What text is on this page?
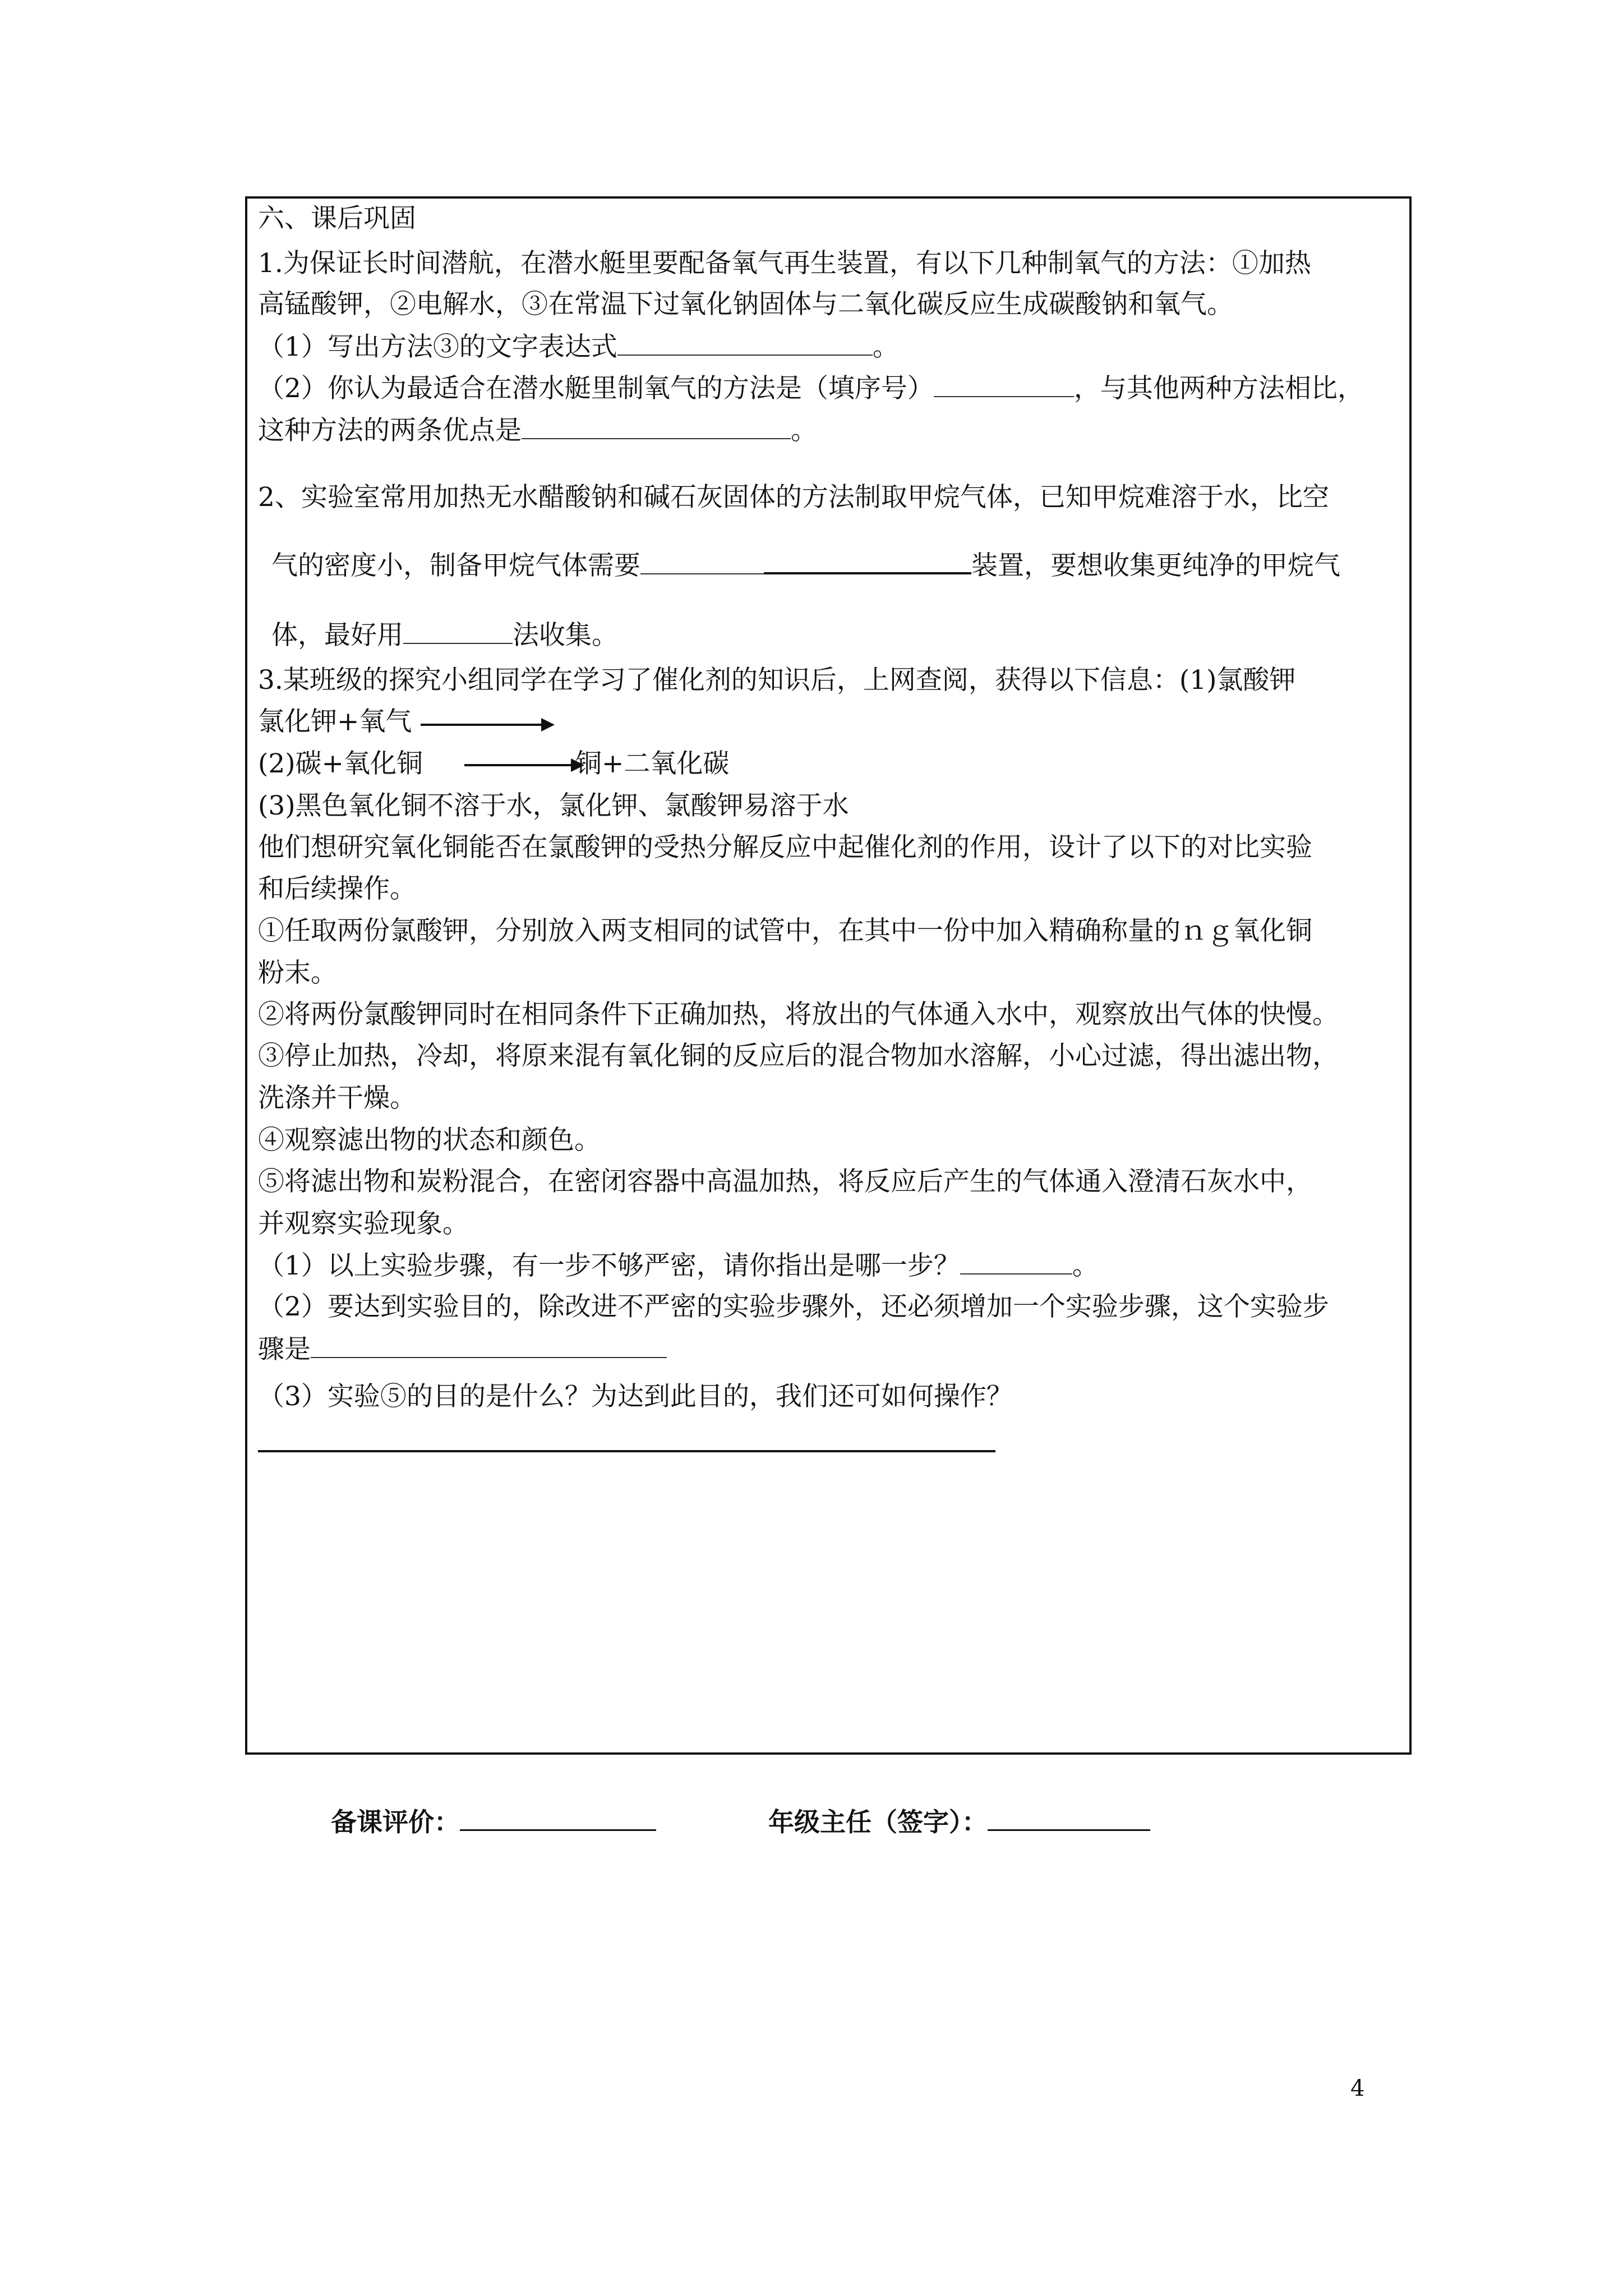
六、课后巩固
1.为保证长时间潜航，在潜水艇里要配备氧气再生装置，有以下几种制氧气的方法：①加热
高锰酸钾，②电解水，③在常温下过氧化钠固体与二氧化碳反应生成碳酸钠和氧气。
（1）写出方法③的文字表达式	。
（2）你认为最适合在潜水艇里制氧气的方法是（填序号）	，与其他两种方法相比，
这种方法的两条优点是	。
2、实验室常用加热无水醋酸钠和碱石灰固体的方法制取甲烷气体，已知甲烷难溶于水，比空
气的密度小，制备甲烷气体需要	装置，要想收集更纯净的甲烷气
体，最好用	法收集。
3.某班级的探究小组同学在学习了催化剂的知识后，上网查阅，获得以下信息：(1)氯酸钾
氯化钾+氧气
(2)碳+氧化铜	铜+二氧化碳
(3)黑色氧化铜不溶于水，氯化钾、氯酸钾易溶于水
他们想研究氧化铜能否在氯酸钾的受热分解反应中起催化剂的作用，设计了以下的对比实验
和后续操作。
①任取两份氯酸钾，分别放入两支相同的试管中，在其中一份中加入精确称量的ｎｇ氧化铜
粉末。
②将两份氯酸钾同时在相同条件下正确加热，将放出的气体通入水中，观察放出气体的快慢。
③停止加热，冷却，将原来混有氧化铜的反应后的混合物加水溶解，小心过滤，得出滤出物，
洗涤并干燥。
④观察滤出物的状态和颜色。
⑤将滤出物和炭粉混合，在密闭容器中高温加热，将反应后产生的气体通入澄清石灰水中，
并观察实验现象。
（1）以上实验步骤，有一步不够严密，请你指出是哪一步？	。
（2）要达到实验目的，除改进不严密的实验步骤外，还必须增加一个实验步骤，这个实验步
骤是
（3）实验⑤的目的是什么？为达到此目的，我们还可如何操作？
备课评价：	年级主任（签字）：
4
